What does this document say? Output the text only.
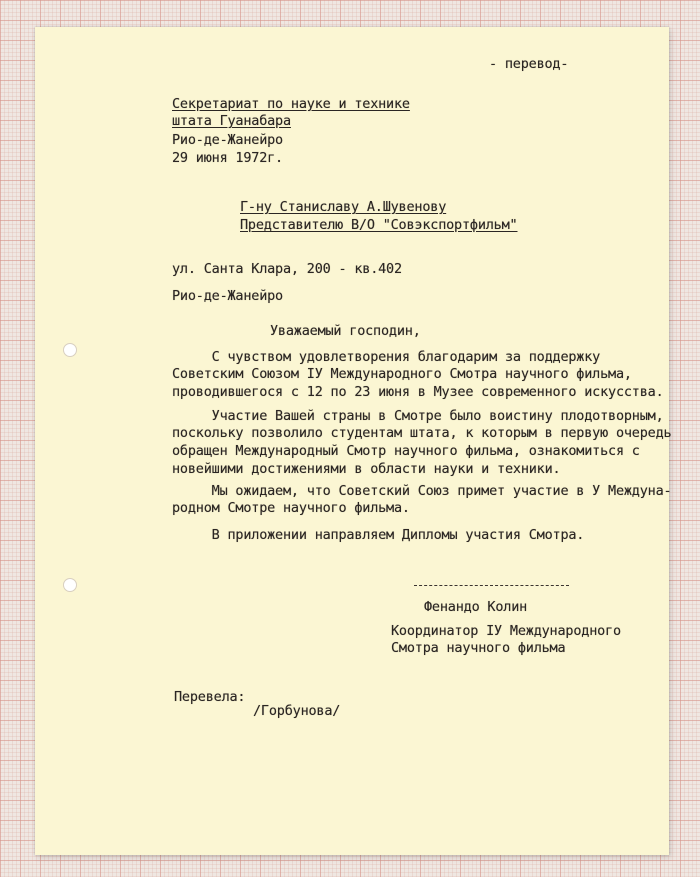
- перевод-
Секретариат по науке и технике
штата Гуанабара
Рио-де-Жанейро
29 июня 1972г.
Г-ну Станиславу А.Шувенову
Представителю В/О "Совэкспортфильм"
ул. Санта Клара, 200 - кв.402
Рио-де-Жанейро
Уважаемый господин,
С чувством удовлетворения благодарим за поддержку
Советским Союзом IУ Международного Смотра научного фильма,
проводившегося с 12 по 23 июня в Музее современного искусства.
Участие Вашей страны в Смотре было воистину плодотворным,
поскольку позволило студентам штата, к которым в первую очередь
обращен Международный Смотр научного фильма, ознакомиться с
новейшими достижениями в области науки и техники.
Мы ожидаем, что Советский Союз примет участие в У Междуна-
родном Смотре научного фильма.
В приложении направляем Дипломы участия Смотра.
Фенандо Колин
Координатор IУ Международного
Смотра научного фильма
Перевела:
/Горбунова/
